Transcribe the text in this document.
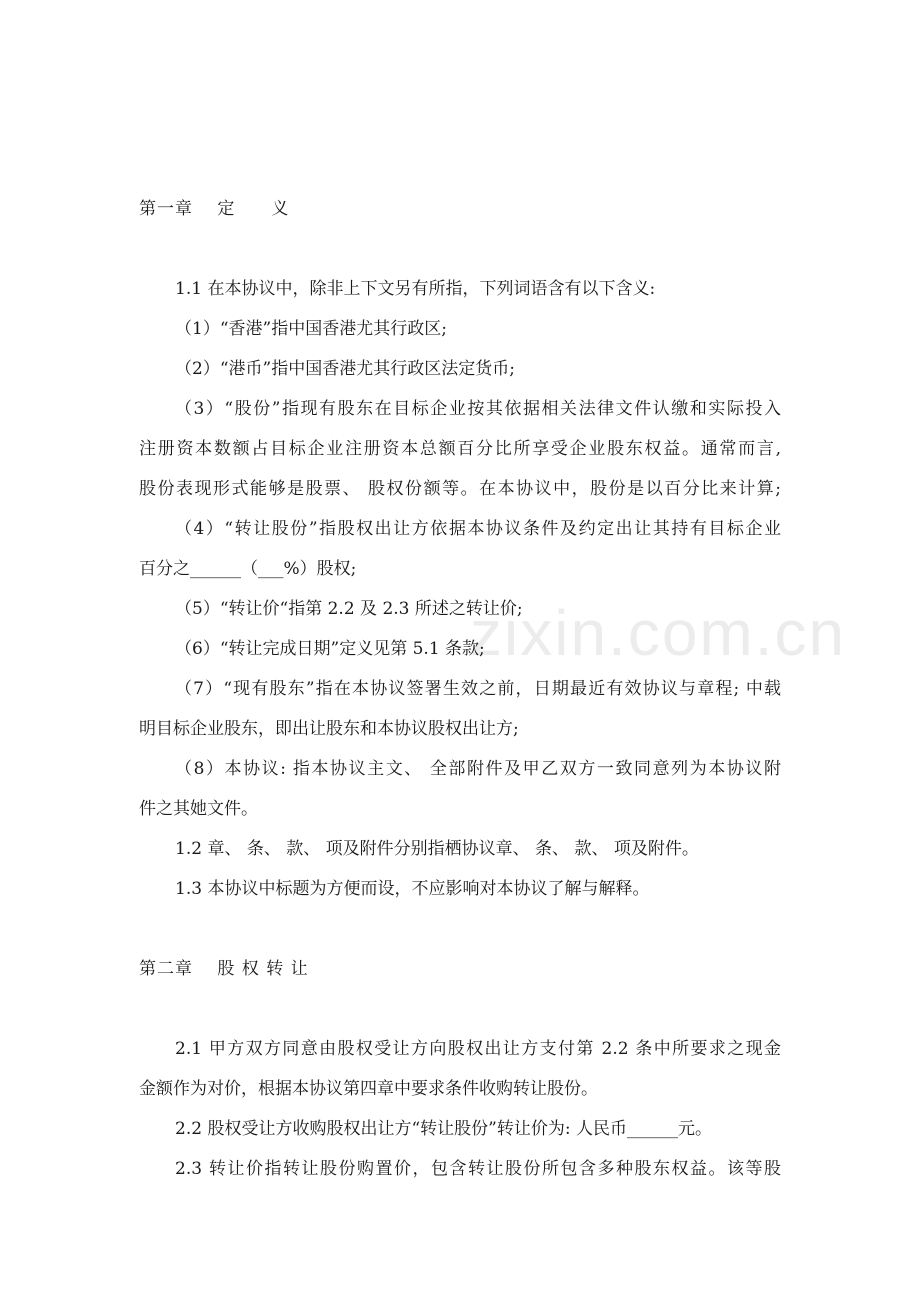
zixin.com.cn
第一章　 定　　义
1.1 在本协议中，除非上下文另有所指，下列词语含有以下含义:
（1）“香港”指中国香港尤其行政区;
（2）“港币”指中国香港尤其行政区法定货币;
（3）“股份”指现有股东在目标企业按其依据相关法律文件认缴和实际投入
注册资本数额占目标企业注册资本总额百分比所享受企业股东权益。通常而言,
股份表现形式能够是股票、 股权份额等。在本协议中，股份是以百分比来计算;
（4）“转让股份”指股权出让方依据本协议条件及约定出让其持有目标企业
百分之______（___%）股权;
（5）“转让价“指第 2.2 及 2.3 所述之转让价;
（6）“转让完成日期”定义见第 5.1 条款;
（7）“现有股东”指在本协议签署生效之前，日期最近有效协议与章程; 中载
明目标企业股东，即出让股东和本协议股权出让方;
（8）本协议: 指本协议主文、 全部附件及甲乙双方一致同意列为本协议附
件之其她文件。
1.2 章、 条、 款、 项及附件分别指栖协议章、 条、 款、 项及附件。
1.3 本协议中标题为方便而设，不应影响对本协议了解与解释。
第二章　 股 权 转 让
2.1 甲方双方同意由股权受让方向股权出让方支付第 2.2 条中所要求之现金
金额作为对价，根据本协议第四章中要求条件收购转让股份。
2.2 股权受让方收购股权出让方“转让股份”转让价为: 人民币______元。
2.3 转让价指转让股份购置价，包含转让股份所包含多种股东权益。该等股
